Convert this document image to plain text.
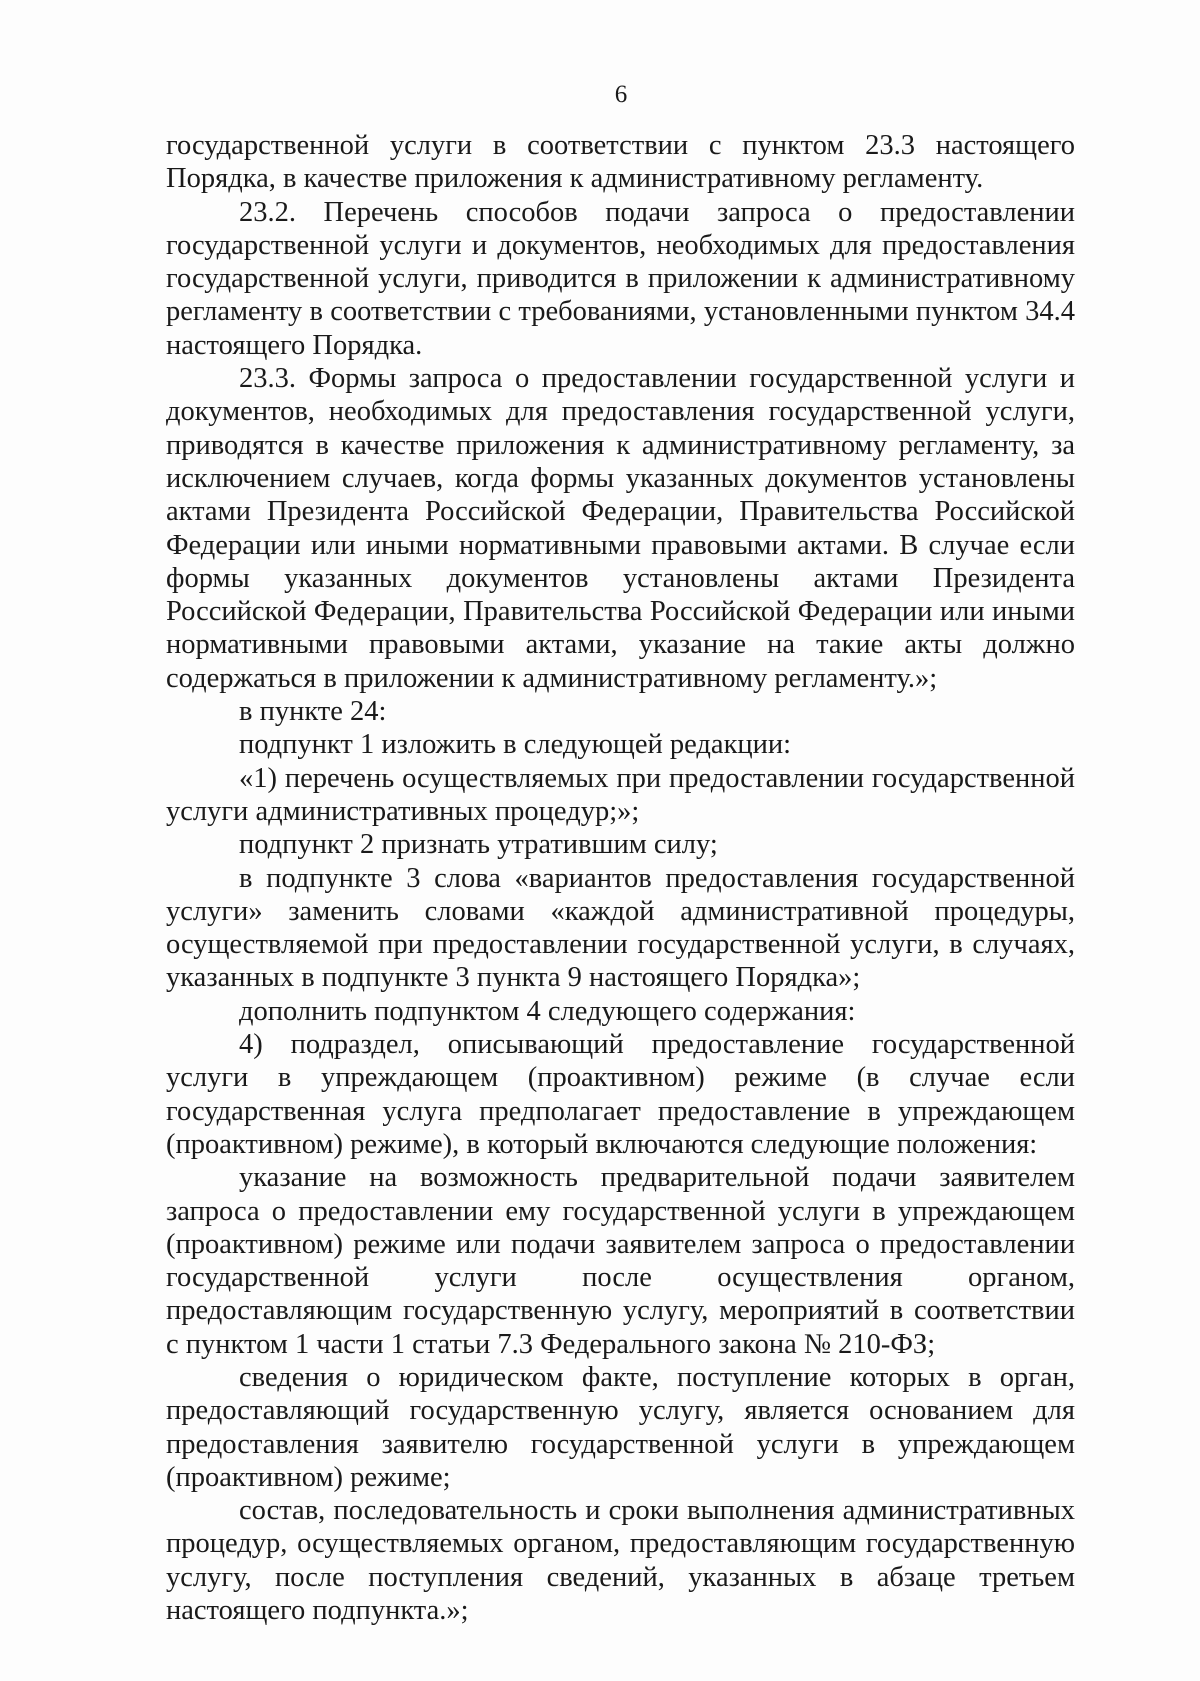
6

государственной услуги в соответствии с пунктом 23.3 настоящего Порядка, в качестве приложения к административному регламенту.

23.2. Перечень способов подачи запроса о предоставлении государственной услуги и документов, необходимых для предоставления государственной услуги, приводится в приложении к административному регламенту в соответствии с требованиями, установленными пунктом 34.4 настоящего Порядка.

23.3. Формы запроса о предоставлении государственной услуги и документов, необходимых для предоставления государственной услуги, приводятся в качестве приложения к административному регламенту, за исключением случаев, когда формы указанных документов установлены актами Президента Российской Федерации, Правительства Российской Федерации или иными нормативными правовыми актами. В случае если формы указанных документов установлены актами Президента Российской Федерации, Правительства Российской Федерации или иными нормативными правовыми актами, указание на такие акты должно содержаться в приложении к административному регламенту.»;

в пункте 24:

подпункт 1 изложить в следующей редакции:

«1) перечень осуществляемых при предоставлении государственной услуги административных процедур;»;

подпункт 2 признать утратившим силу;

в подпункте 3 слова «вариантов предоставления государственной услуги» заменить словами «каждой административной процедуры, осуществляемой при предоставлении государственной услуги, в случаях, указанных в подпункте 3 пункта 9 настоящего Порядка»;

дополнить подпунктом 4 следующего содержания:

4) подраздел, описывающий предоставление государственной услуги в упреждающем (проактивном) режиме (в случае если государственная услуга предполагает предоставление в упреждающем (проактивном) режиме), в который включаются следующие положения:

указание на возможность предварительной подачи заявителем запроса о предоставлении ему государственной услуги в упреждающем (проактивном) режиме или подачи заявителем запроса о предоставлении государственной услуги после осуществления органом, предоставляющим государственную услугу, мероприятий в соответствии с пунктом 1 части 1 статьи 7.3 Федерального закона № 210-ФЗ;

сведения о юридическом факте, поступление которых в орган, предоставляющий государственную услугу, является основанием для предоставления заявителю государственной услуги в упреждающем (проактивном) режиме;

состав, последовательность и сроки выполнения административных процедур, осуществляемых органом, предоставляющим государственную услугу, после поступления сведений, указанных в абзаце третьем настоящего подпункта.»;
